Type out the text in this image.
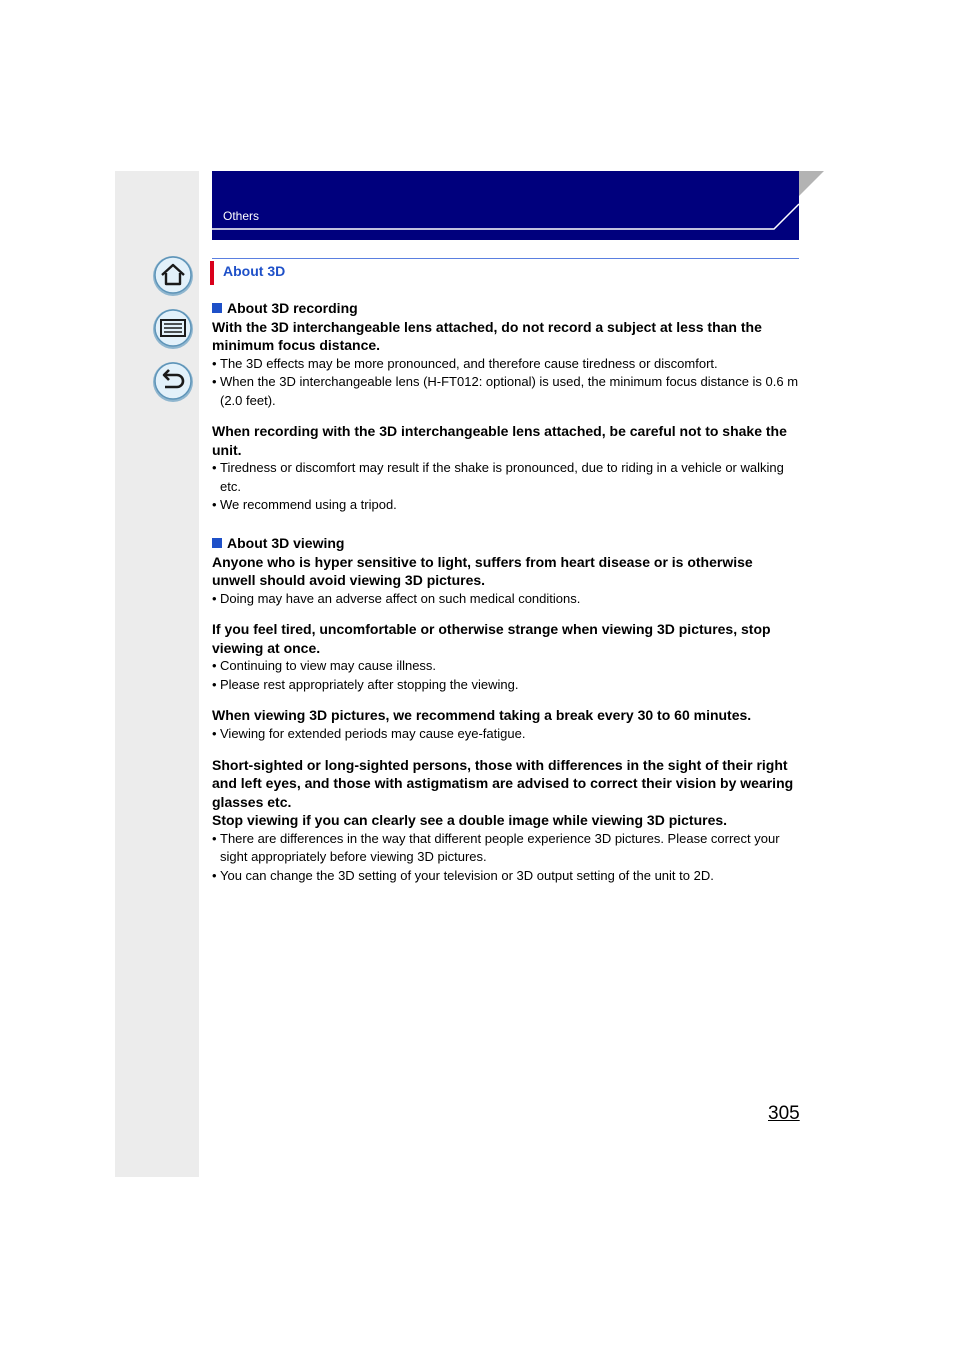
Others
About 3D

About 3D recording

With the 3D interchangeable lens attached, do not record a subject at less than the minimum focus distance.

• The 3D effects may be more pronounced, and therefore cause tiredness or discomfort.
• When the 3D interchangeable lens (H-FT012: optional) is used, the minimum focus distance is 0.6 m (2.0 feet).

When recording with the 3D interchangeable lens attached, be careful not to shake the unit.

• Tiredness or discomfort may result if the shake is pronounced, due to riding in a vehicle or walking etc.
• We recommend using a tripod.

About 3D viewing

Anyone who is hyper sensitive to light, suffers from heart disease or is otherwise unwell should avoid viewing 3D pictures.

• Doing may have an adverse affect on such medical conditions.

If you feel tired, uncomfortable or otherwise strange when viewing 3D pictures, stop viewing at once.

• Continuing to view may cause illness.
• Please rest appropriately after stopping the viewing.

When viewing 3D pictures, we recommend taking a break every 30 to 60 minutes.

• Viewing for extended periods may cause eye-fatigue.

Short-sighted or long-sighted persons, those with differences in the sight of their right and left eyes, and those with astigmatism are advised to correct their vision by wearing glasses etc.

Stop viewing if you can clearly see a double image while viewing 3D pictures.

• There are differences in the way that different people experience 3D pictures. Please correct your sight appropriately before viewing 3D pictures.
• You can change the 3D setting of your television or 3D output setting of the unit to 2D.
305
